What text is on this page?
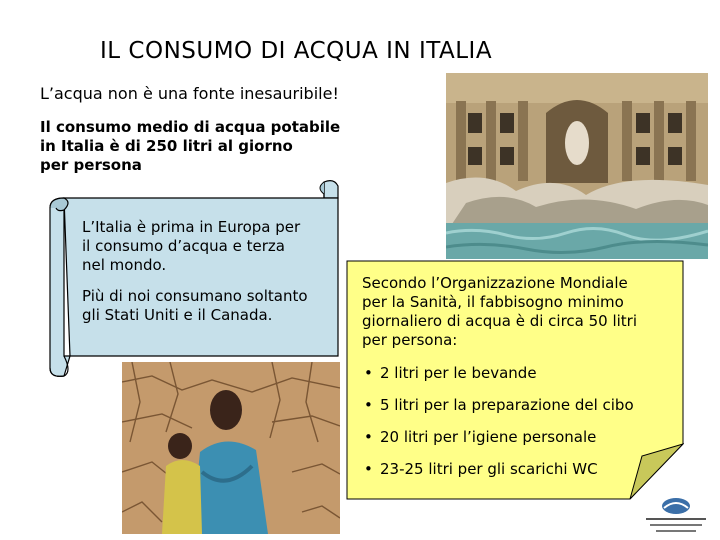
IL CONSUMO DI ACQUA IN ITALIA
L’acqua non è una fonte inesauribile!
Il consumo medio di acqua potabile
in Italia è di 250 litri al giorno
per persona

L’Italia è prima in Europa per
il consumo d’acqua e terza
nel mondo.

Più di noi consumano soltanto
gli Stati Uniti e il Canada.

Secondo l’Organizzazione Mondiale
per la Sanità, il fabbisogno minimo
giornaliero di acqua è di circa 50 litri
per persona:
• 2 litri per le bevande
• 5 litri per la preparazione del cibo
• 20 litri per l’igiene personale
• 23-25 litri per gli scarichi WC
